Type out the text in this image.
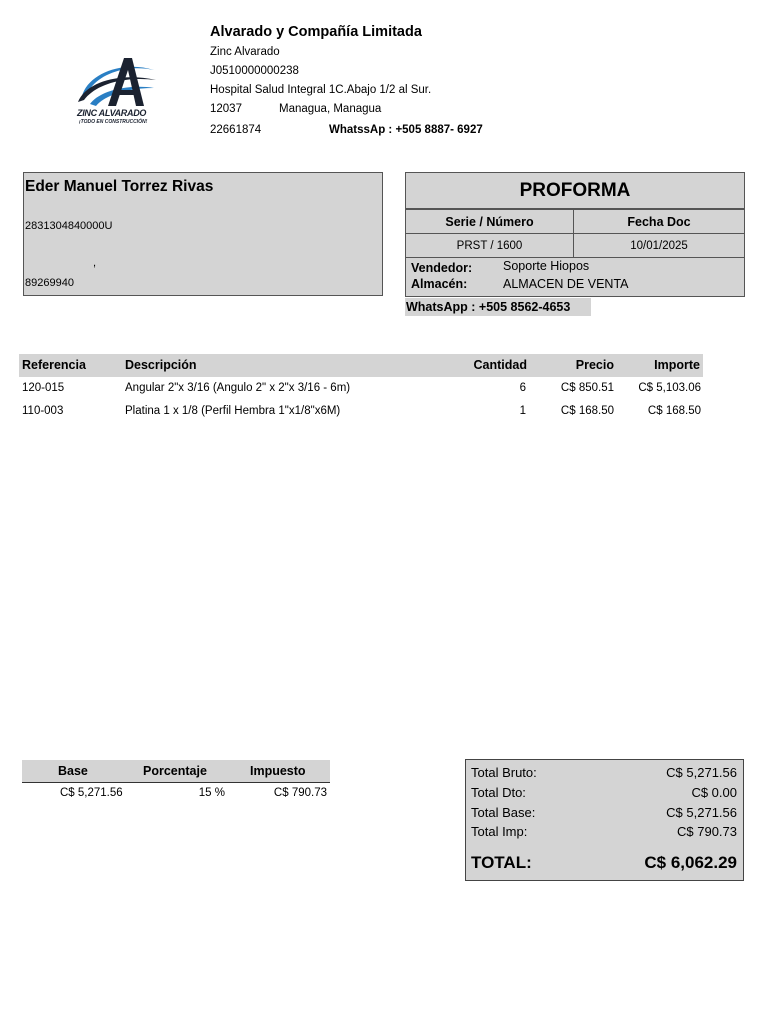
ZINC ALVARADO
¡TODO EN CONSTRUCCIÓN!
Alvarado y Compañía Limitada
Zinc Alvarado
J0510000000238
Hospital Salud Integral 1C.Abajo 1/2 al Sur.
12037	Managua, Managua
22661874	WhatssAp : +505 8887- 6927
Eder Manuel Torrez Rivas
2831304840000U
,
89269940
PROFORMA
Serie / Número	Fecha Doc
PRST / 1600	10/01/2025
Vendedor: Soporte Hiopos
Almacén:	ALMACEN DE VENTA
WhatsApp : +505 8562-4653
Referencia	Descripción	Cantidad	Precio	Importe
120-015	Angular 2"x 3/16 (Angulo 2" x 2"x 3/16 - 6m)	6	C$ 850.51 C$ 5,103.06
110-003	Platina 1 x 1/8 (Perfil Hembra 1"x1/8"x6M)	1	C$ 168.50	C$ 168.50
Base	Porcentaje	Impuesto
C$ 5,271.56	15 %	C$ 790.73
Total Bruto:	C$ 5,271.56
Total Dto:	C$ 0.00
Total Base:	C$ 5,271.56
Total Imp:	C$ 790.73
TOTAL:	C$ 6,062.29
